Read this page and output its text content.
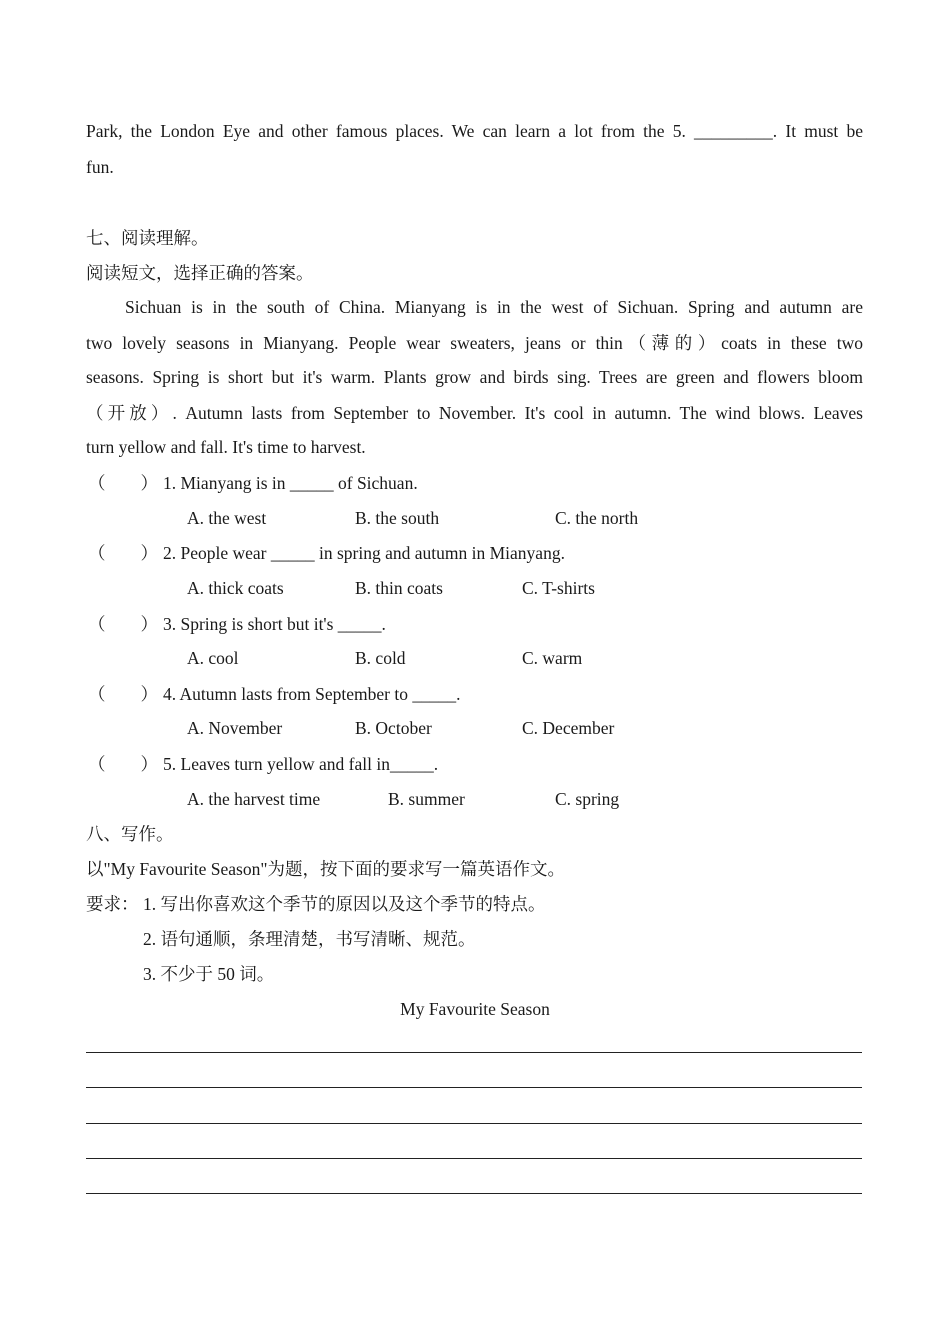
Park, the London Eye and other famous places. We can learn a lot from the 5. _________. It must be
fun.
七、阅读理解。
阅读短文，选择正确的答案。
Sichuan is in the south of China. Mianyang is in the west of Sichuan. Spring and autumn are
two lovely seasons in Mianyang. People wear sweaters, jeans or thin（薄的）coats in these two
seasons. Spring is short but it's warm. Plants grow and birds sing. Trees are green and flowers bloom
（开放）. Autumn lasts from September to November. It's cool in autumn. The wind blows. Leaves
turn yellow and fall. It's time to harvest.
（　　） 1. Mianyang is in _____ of Sichuan.
A. the west	B. the south	C. the north
（　　） 2. People wear _____ in spring and autumn in Mianyang.
A. thick coats	B. thin coats	C. T-shirts
（　　） 3. Spring is short but it's _____.
A. cool	B. cold	C. warm
（　　） 4. Autumn lasts from September to _____.
A. November	B. October	C. December
（　　） 5. Leaves turn yellow and fall in_____.
A. the harvest time	B. summer	C. spring
八、写作。
以"My Favourite Season"为题，按下面的要求写一篇英语作文。
要求： 1. 写出你喜欢这个季节的原因以及这个季节的特点。
2. 语句通顺，条理清楚，书写清晰、规范。
3. 不少于 50 词。
My Favourite Season
